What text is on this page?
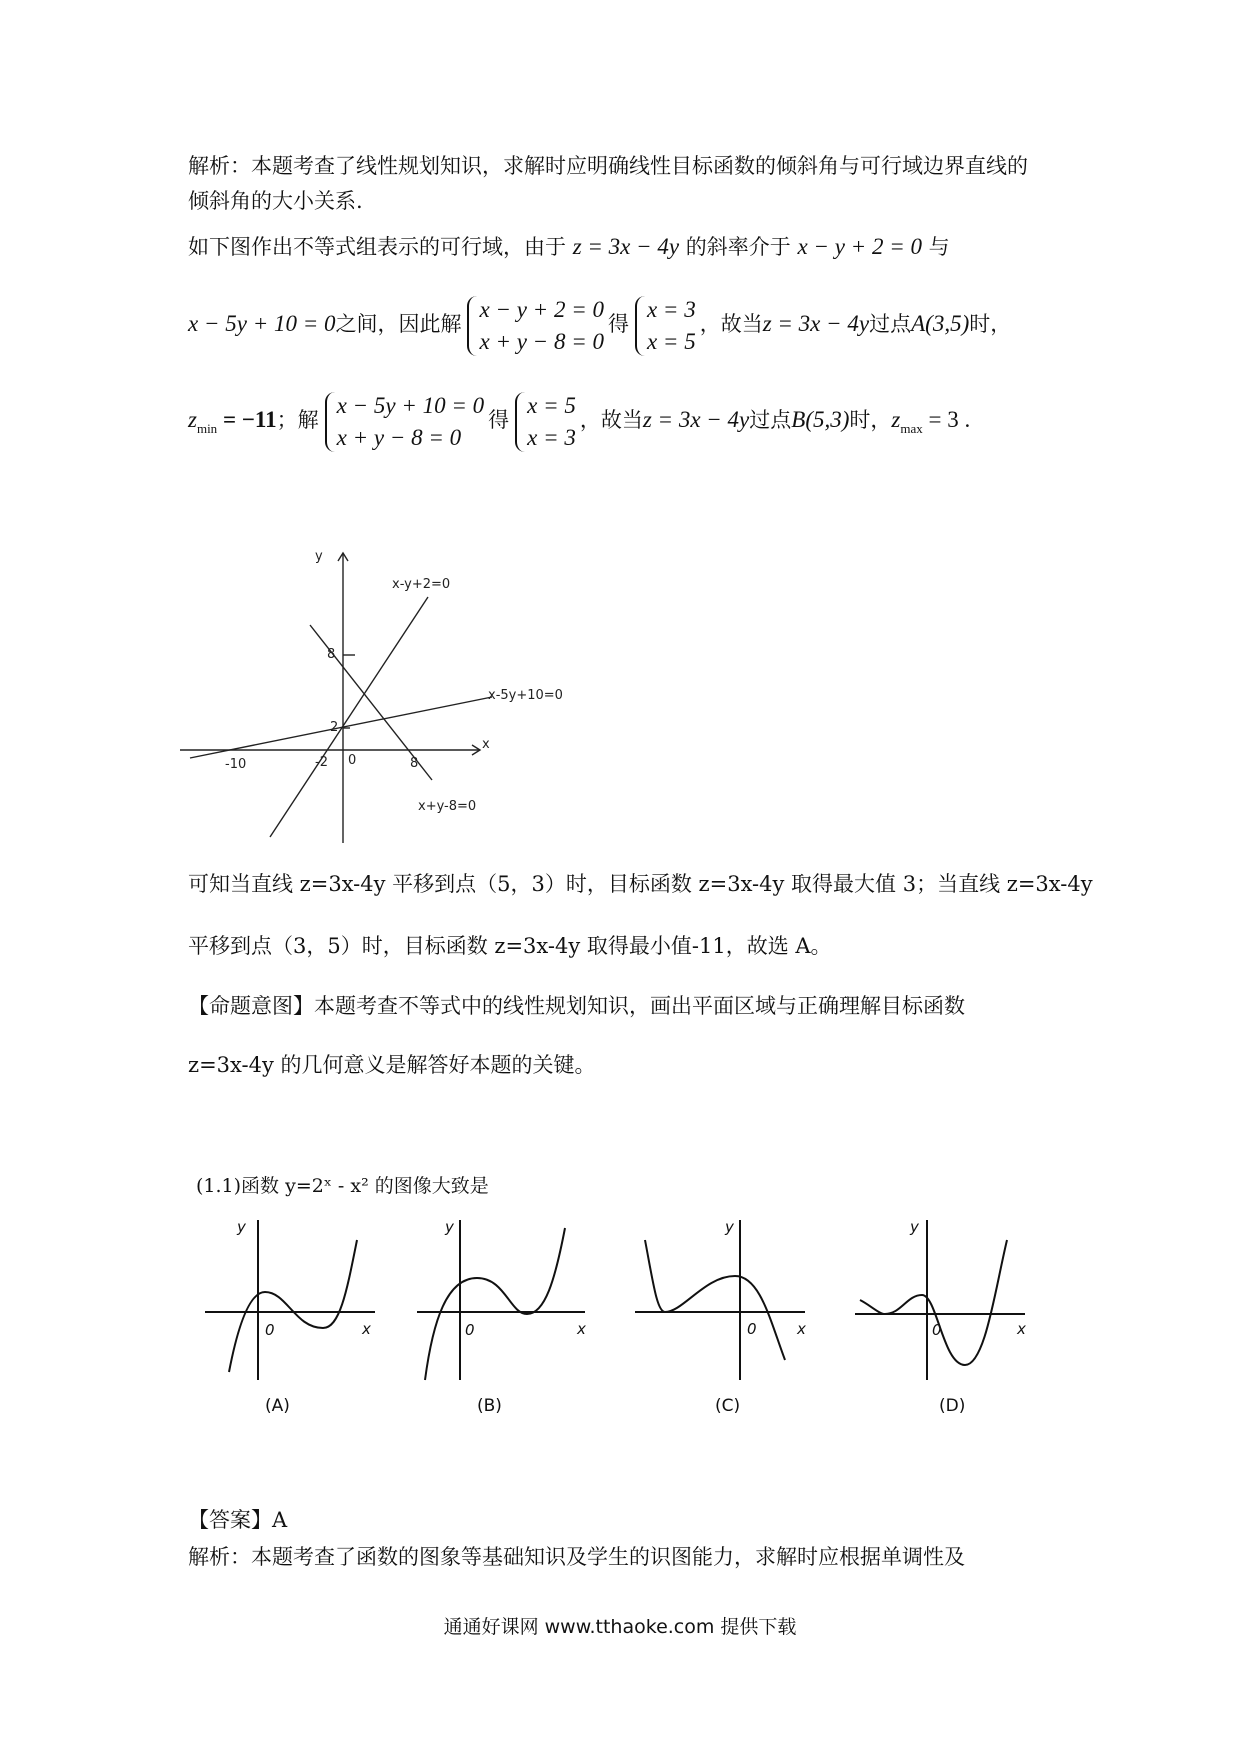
解析：本题考查了线性规划知识，求解时应明确线性目标函数的倾斜角与可行域边界直线的
倾斜角的大小关系.
如下图作出不等式组表示的可行域，由于 z = 3x − 4y 的斜率介于 x − y + 2 = 0 与
x − 5y + 10 = 0之间，因此解
x − y + 2 = 0
x + y − 8 = 0
得
x = 3
x = 5
，故当z = 3x − 4y过点A(3,5)时，
$z_{min} = -11$；解
x − 5y + 10 = 0
x + y − 8 = 0
得
x = 5
x = 3
，故当z = 3x − 4y过点B(5,3)时，$z_{max} = 3$ .
y
x
x-y+2=0
x-5y+10=0
x+y-8=0
-10	-2 0	8
8
2
可知当直线 z=3x-4y 平移到点（5，3）时，目标函数 z=3x-4y 取得最大值 3；当直线 z=3x-4y
平移到点（3，5）时，目标函数 z=3x-4y 取得最小值-11，故选 A。
【命题意图】本题考查不等式中的线性规划知识，画出平面区域与正确理解目标函数
z=3x-4y 的几何意义是解答好本题的关键。
(1.1)函数 y=2ˣ - x² 的图像大致是
y
0	x
y
0	x
y
0	x
y
0	x
(A)	(B)	(C)	(D)
【答案】A
解析：本题考查了函数的图象等基础知识及学生的识图能力，求解时应根据单调性及
通通好课网 www.tthaoke.com 提供下载
